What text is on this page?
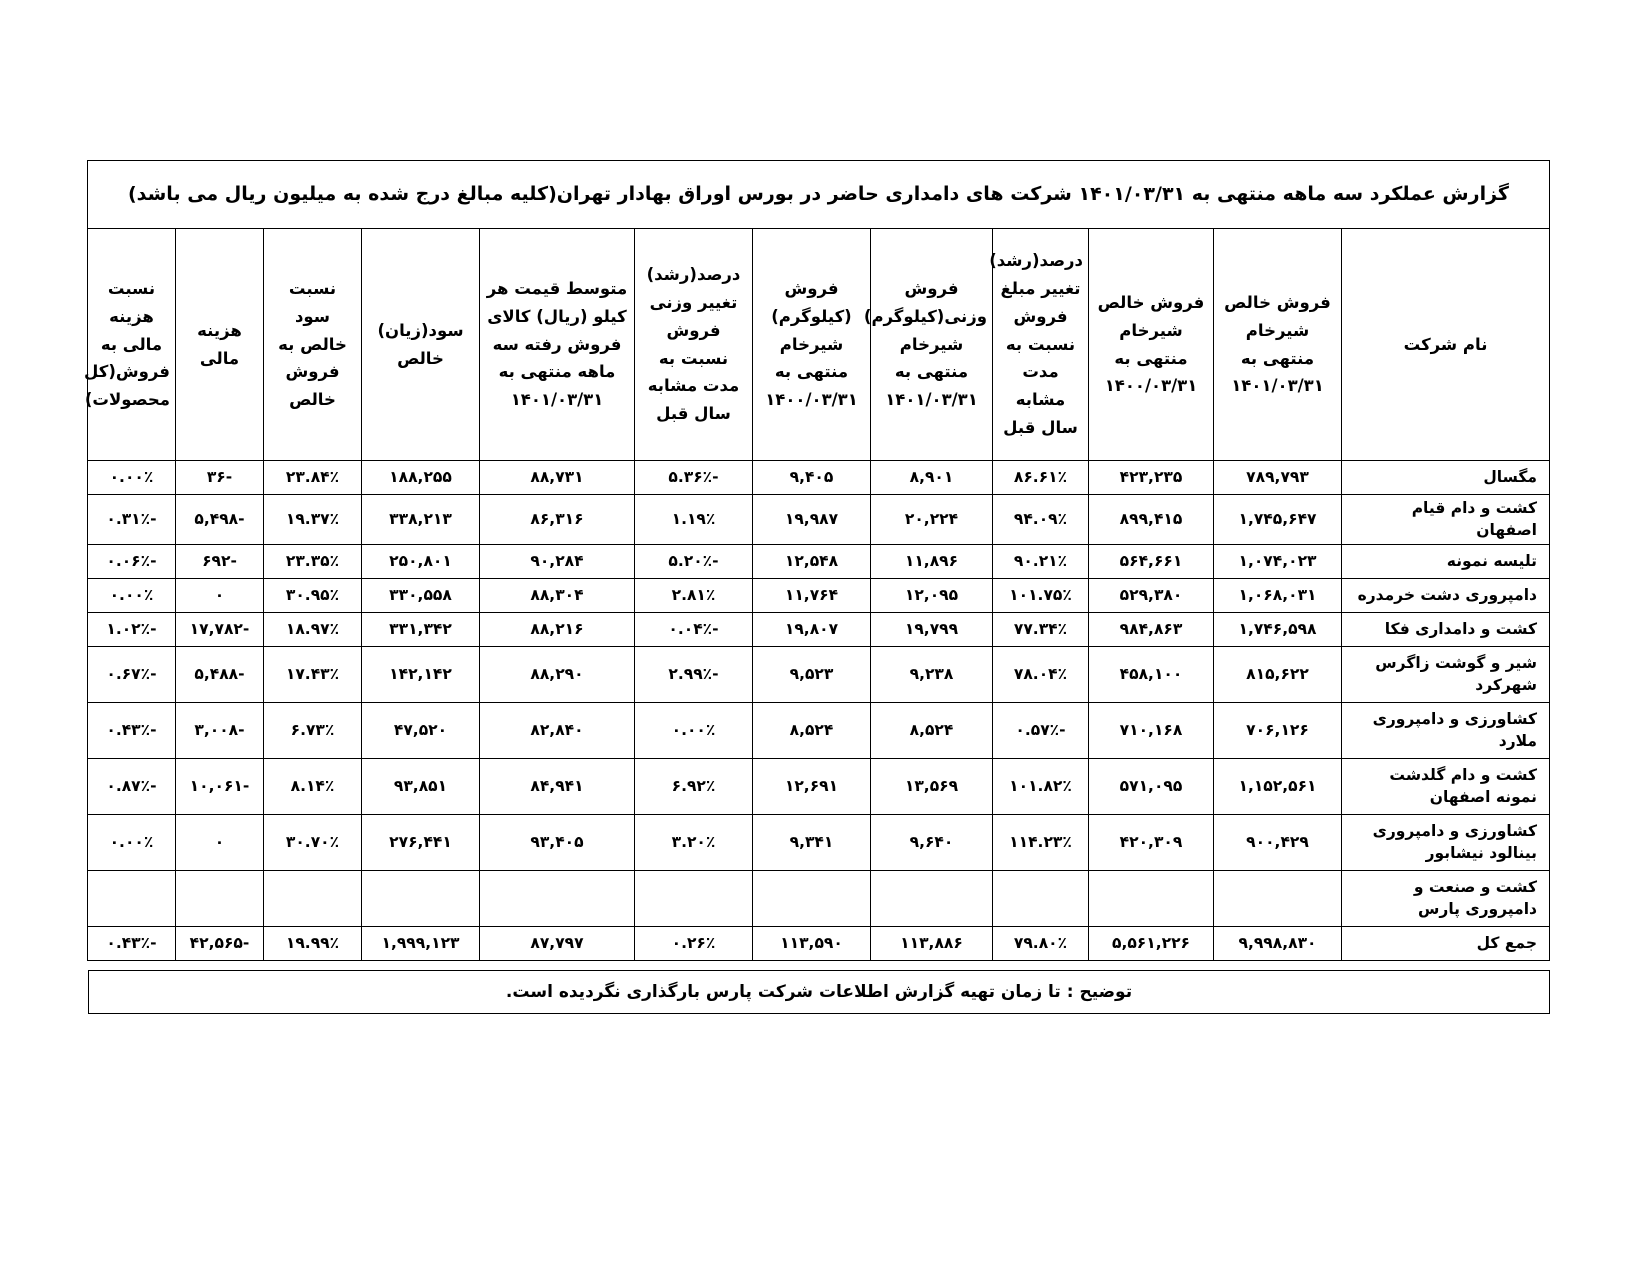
گزارش عملکرد سه ماهه منتهی به ۱۴۰۱/۰۳/۳۱ شرکت های دامداری حاضر در بورس اوراق بهادار تهران(کلیه مبالغ درج شده به میلیون ریال می باشد)											
نام شرکت	فروش خالص شیرخام منتهی به ۱۴۰۱/۰۳/۳۱	فروش خالص شیرخام منتهی به ۱۴۰۰/۰۳/۳۱	درصد(رشد) تغییر مبلغ فروش نسبت به مدت مشابه سال قبل	فروش وزنی(کیلوگرم) شیرخام منتهی به ۱۴۰۱/۰۳/۳۱	فروش (کیلوگرم) شیرخام منتهی به ۱۴۰۰/۰۳/۳۱	درصد(رشد) تغییر وزنی فروش نسبت به مدت مشابه سال قبل	متوسط قیمت هر کیلو (ریال) کالای فروش رفته سه ماهه منتهی به ۱۴۰۱/۰۳/۳۱	سود(زیان) خالص	نسبت سود خالص به فروش خالص	هزینه مالی	نسبت هزینه مالی به فروش(کل محصولات)
مگسال	۷۸۹,۷۹۳	۴۲۳,۲۳۵	۸۶.۶۱٪	۸,۹۰۱	۹,۴۰۵	-۵.۳۶٪	۸۸,۷۳۱	۱۸۸,۲۵۵	۲۳.۸۴٪	-۳۶	۰.۰۰٪
کشت و دام قیام اصفهان	۱,۷۴۵,۶۴۷	۸۹۹,۴۱۵	۹۴.۰۹٪	۲۰,۲۲۴	۱۹,۹۸۷	۱.۱۹٪	۸۶,۳۱۶	۳۳۸,۲۱۳	۱۹.۳۷٪	-۵,۴۹۸	-۰.۳۱٪
تلیسه نمونه	۱,۰۷۴,۰۲۳	۵۶۴,۶۶۱	۹۰.۲۱٪	۱۱,۸۹۶	۱۲,۵۴۸	-۵.۲۰٪	۹۰,۲۸۴	۲۵۰,۸۰۱	۲۳.۳۵٪	-۶۹۲	-۰.۰۶٪
دامپروری دشت خرمدره	۱,۰۶۸,۰۳۱	۵۲۹,۳۸۰	۱۰۱.۷۵٪	۱۲,۰۹۵	۱۱,۷۶۴	۲.۸۱٪	۸۸,۳۰۴	۳۳۰,۵۵۸	۳۰.۹۵٪	۰	۰.۰۰٪
کشت و دامداری فکا	۱,۷۴۶,۵۹۸	۹۸۴,۸۶۳	۷۷.۳۴٪	۱۹,۷۹۹	۱۹,۸۰۷	-۰.۰۴٪	۸۸,۲۱۶	۳۳۱,۳۴۲	۱۸.۹۷٪	-۱۷,۷۸۲	-۱.۰۲٪
شیر و گوشت زاگرس شهرکرد	۸۱۵,۶۲۲	۴۵۸,۱۰۰	۷۸.۰۴٪	۹,۲۳۸	۹,۵۲۳	-۲.۹۹٪	۸۸,۲۹۰	۱۴۲,۱۴۲	۱۷.۴۳٪	-۵,۴۸۸	-۰.۶۷٪
کشاورزی و دامپروری ملارد	۷۰۶,۱۲۶	۷۱۰,۱۶۸	-۰.۵۷٪	۸,۵۲۴	۸,۵۲۴	۰.۰۰٪	۸۲,۸۴۰	۴۷,۵۲۰	۶.۷۳٪	-۳,۰۰۸	-۰.۴۳٪
کشت و دام گلدشت نمونه اصفهان	۱,۱۵۲,۵۶۱	۵۷۱,۰۹۵	۱۰۱.۸۲٪	۱۳,۵۶۹	۱۲,۶۹۱	۶.۹۲٪	۸۴,۹۴۱	۹۳,۸۵۱	۸.۱۴٪	-۱۰,۰۶۱	-۰.۸۷٪
کشاورزی و دامپروری بینالود نیشابور	۹۰۰,۴۲۹	۴۲۰,۳۰۹	۱۱۴.۲۳٪	۹,۶۴۰	۹,۳۴۱	۳.۲۰٪	۹۳,۴۰۵	۲۷۶,۴۴۱	۳۰.۷۰٪	۰	۰.۰۰٪
کشت و صنعت و دامپروری پارس											
جمع کل	۹,۹۹۸,۸۳۰	۵,۵۶۱,۲۲۶	۷۹.۸۰٪	۱۱۳,۸۸۶	۱۱۳,۵۹۰	۰.۲۶٪	۸۷,۷۹۷	۱,۹۹۹,۱۲۳	۱۹.۹۹٪	-۴۲,۵۶۵	-۰.۴۳٪
توضیح : تا زمان تهیه گزارش اطلاعات شرکت پارس بارگذاری نگردیده است.
